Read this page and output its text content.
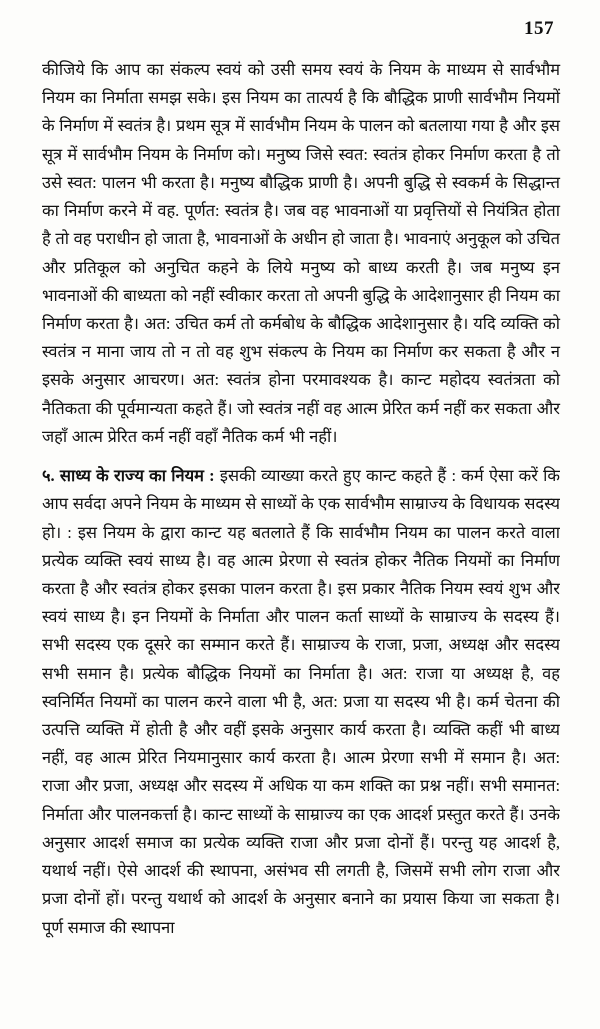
157

कीजिये कि आप का संकल्प स्वयं को उसी समय स्वयं के नियम के माध्यम से सार्वभौम नियम का निर्माता समझ सके। इस नियम का तात्पर्य है कि बौद्धिक प्राणी सार्वभौम नियमों के निर्माण में स्वतंत्र है। प्रथम सूत्र में सार्वभौम नियम के पालन को बतलाया गया है और इस सूत्र में सार्वभौम नियम के निर्माण को। मनुष्य जिसे स्वत: स्वतंत्र होकर निर्माण करता है तो उसे स्वत: पालन भी करता है। मनुष्य बौद्धिक प्राणी है। अपनी बुद्धि से स्वकर्म के सिद्धान्त का निर्माण करने में वह. पूर्णत: स्वतंत्र है। जब वह भावनाओं या प्रवृत्तियों से नियंत्रित होता है तो वह पराधीन हो जाता है, भावनाओं के अधीन हो जाता है। भावनाएं अनुकूल को उचित और प्रतिकूल को अनुचित कहने के लिये मनुष्य को बाध्य करती है। जब मनुष्य इन भावनाओं की बाध्यता को नहीं स्वीकार करता तो अपनी बुद्धि के आदेशानुसार ही नियम का निर्माण करता है। अत: उचित कर्म तो कर्मबोध के बौद्धिक आदेशानुसार है। यदि व्यक्ति को स्वतंत्र न माना जाय तो न तो वह शुभ संकल्प के नियम का निर्माण कर सकता है और न इसके अनुसार आचरण। अत: स्वतंत्र होना परमावश्यक है। कान्ट महोदय स्वतंत्रता को नैतिकता की पूर्वमान्यता कहते हैं। जो स्वतंत्र नहीं वह आत्म प्रेरित कर्म नहीं कर सकता और जहाँ आत्म प्रेरित कर्म नहीं वहाँ नैतिक कर्म भी नहीं।

५. साध्य के राज्य का नियम : इसकी व्याख्या करते हुए कान्ट कहते हैं : कर्म ऐसा करें कि आप सर्वदा अपने नियम के माध्यम से साध्यों के एक सार्वभौम साम्राज्य के विधायक सदस्य हो। : इस नियम के द्वारा कान्ट यह बतलाते हैं कि सार्वभौम नियम का पालन करते वाला प्रत्येक व्यक्ति स्वयं साध्य है। वह आत्म प्रेरणा से स्वतंत्र होकर नैतिक नियमों का निर्माण करता है और स्वतंत्र होकर इसका पालन करता है। इस प्रकार नैतिक नियम स्वयं शुभ और स्वयं साध्य है। इन नियमों के निर्माता और पालन कर्ता साध्यों के साम्राज्य के सदस्य हैं। सभी सदस्य एक दूसरे का सम्मान करते हैं। साम्राज्य के राजा, प्रजा, अध्यक्ष और सदस्य सभी समान है। प्रत्येक बौद्धिक नियमों का निर्माता है। अत: राजा या अध्यक्ष है, वह स्वनिर्मित नियमों का पालन करने वाला भी है, अत: प्रजा या सदस्य भी है। कर्म चेतना की उत्पत्ति व्यक्ति में होती है और वहीं इसके अनुसार कार्य करता है। व्यक्ति कहीं भी बाध्य नहीं, वह आत्म प्रेरित नियमानुसार कार्य करता है। आत्म प्रेरणा सभी में समान है। अत: राजा और प्रजा, अध्यक्ष और सदस्य में अधिक या कम शक्ति का प्रश्न नहीं। सभी समानत: निर्माता और पालनकर्त्ता है। कान्ट साध्यों के साम्राज्य का एक आदर्श प्रस्तुत करते हैं। उनके अनुसार आदर्श समाज का प्रत्येक व्यक्ति राजा और प्रजा दोनों हैं। परन्तु यह आदर्श है, यथार्थ नहीं। ऐसे आदर्श की स्थापना, असंभव सी लगती है, जिसमें सभी लोग राजा और प्रजा दोनों हों। परन्तु यथार्थ को आदर्श के अनुसार बनाने का प्रयास किया जा सकता है। पूर्ण समाज की स्थापना
